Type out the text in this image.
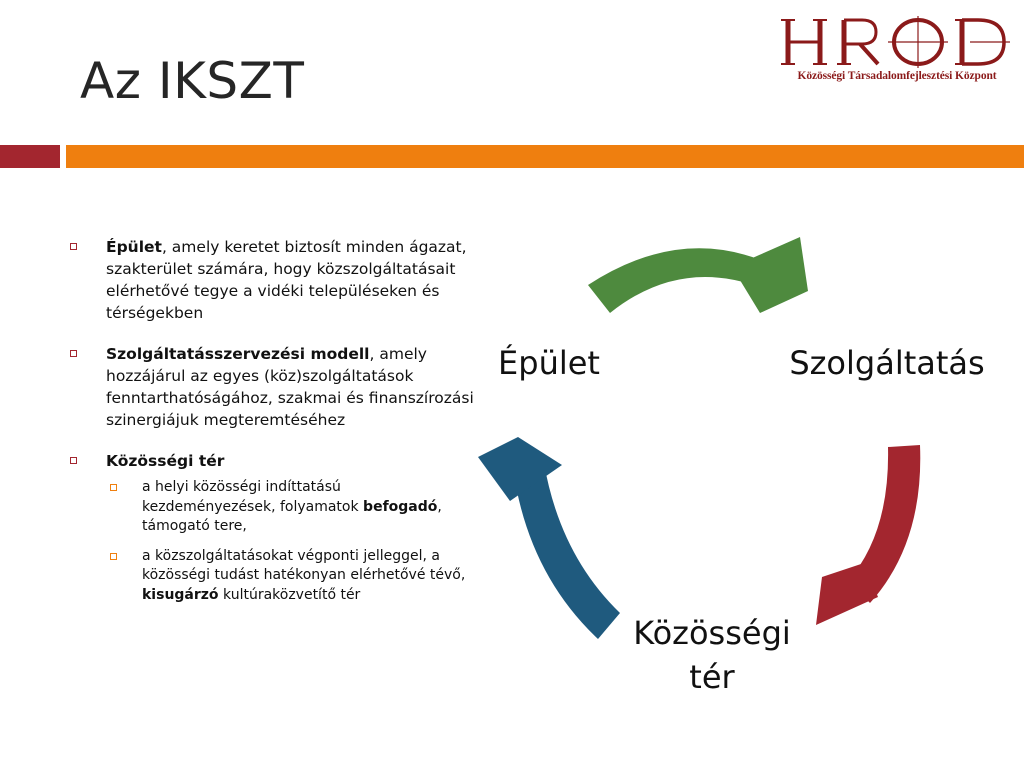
Az IKSZT	Közösségi Társadalomfejlesztési Központ
Épület, amely keretet biztosít minden ágazat, szakterület számára, hogy közszolgáltatásait elérhetővé tegye a vidéki településeken és térségekben
Szolgáltatásszervezési modell, amely hozzájárul az egyes (köz)szolgáltatások fenntarthatóságához, szakmai és finanszírozási szinergiájuk megteremtéséhez
Közösségi tér
a helyi közösségi indíttatású kezdeményezések, folyamatok befogadó, támogató tere,
a közszolgáltatásokat végponti jelleggel, a közösségi tudást hatékonyan elérhetővé tévő, kisugárzó kultúraközvetítő tér
Épület	Szolgáltatás
Közösségi
tér
